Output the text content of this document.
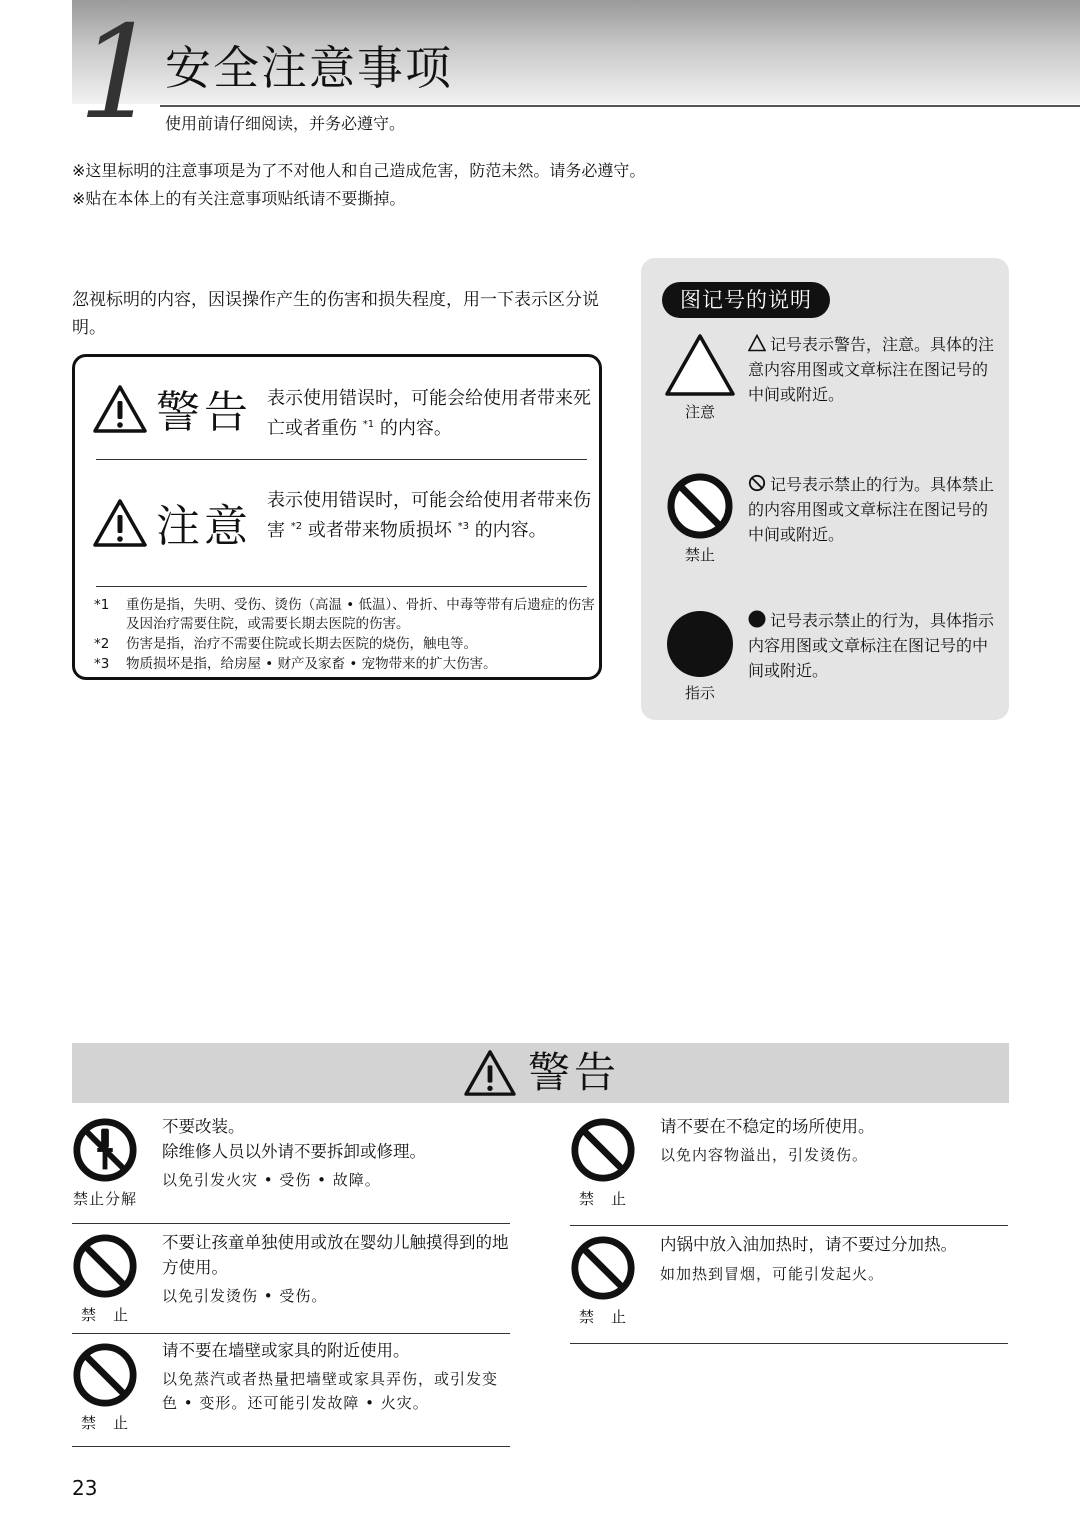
1 安全注意事项
使用前请仔细阅读，并务必遵守。
※这里标明的注意事项是为了不对他人和自己造成危害，防范未然。请务必遵守。
※贴在本体上的有关注意事项贴纸请不要撕掉。
忽视标明的内容，因误操作产生的伤害和损失程度，用一下表示区分说明。
警告 表示使用错误时，可能会给使用者带来死亡或者重伤 $^{*1}$ 的内容。
注意
表示使用错误时，可能会给使用者带来伤害 $^{*2}$ 或者带来物质损坏 $^{*3}$ 的内容。
*1	重伤是指，失明、受伤、烫伤（高温 • 低温）、骨折、中毒等带有后遗症的伤害及因治疗需要住院，或需要长期去医院的伤害。
*2	伤害是指，治疗不需要住院或长期去医院的烧伤，触电等。
*3	物质损坏是指，给房屋 • 财产及家畜 • 宠物带来的扩大伤害。
图记号的说明
注意
记号表示警告，注意。具体的注意内容用图或文章标注在图记号的中间或附近。
禁止
记号表示禁止的行为。具体禁止的内容用图或文章标注在图记号的中间或附近。
指示
记号表示禁止的行为，具体指示内容用图或文章标注在图记号的中间或附近。
警告
禁止分解
不要改装。
除维修人员以外请不要拆卸或修理。
以免引发火灾 • 受伤 • 故障。
禁　止
不要让孩童单独使用或放在婴幼儿触摸得到的地方使用。
以免引发烫伤 • 受伤。
禁　止
请不要在墙壁或家具的附近使用。
以免蒸汽或者热量把墙壁或家具弄伤，或引发变色 • 变形。还可能引发故障 • 火灾。
禁　止
请不要在不稳定的场所使用。
以免内容物溢出，引发烫伤。
禁　止
内锅中放入油加热时，请不要过分加热。
如加热到冒烟，可能引发起火。
23
